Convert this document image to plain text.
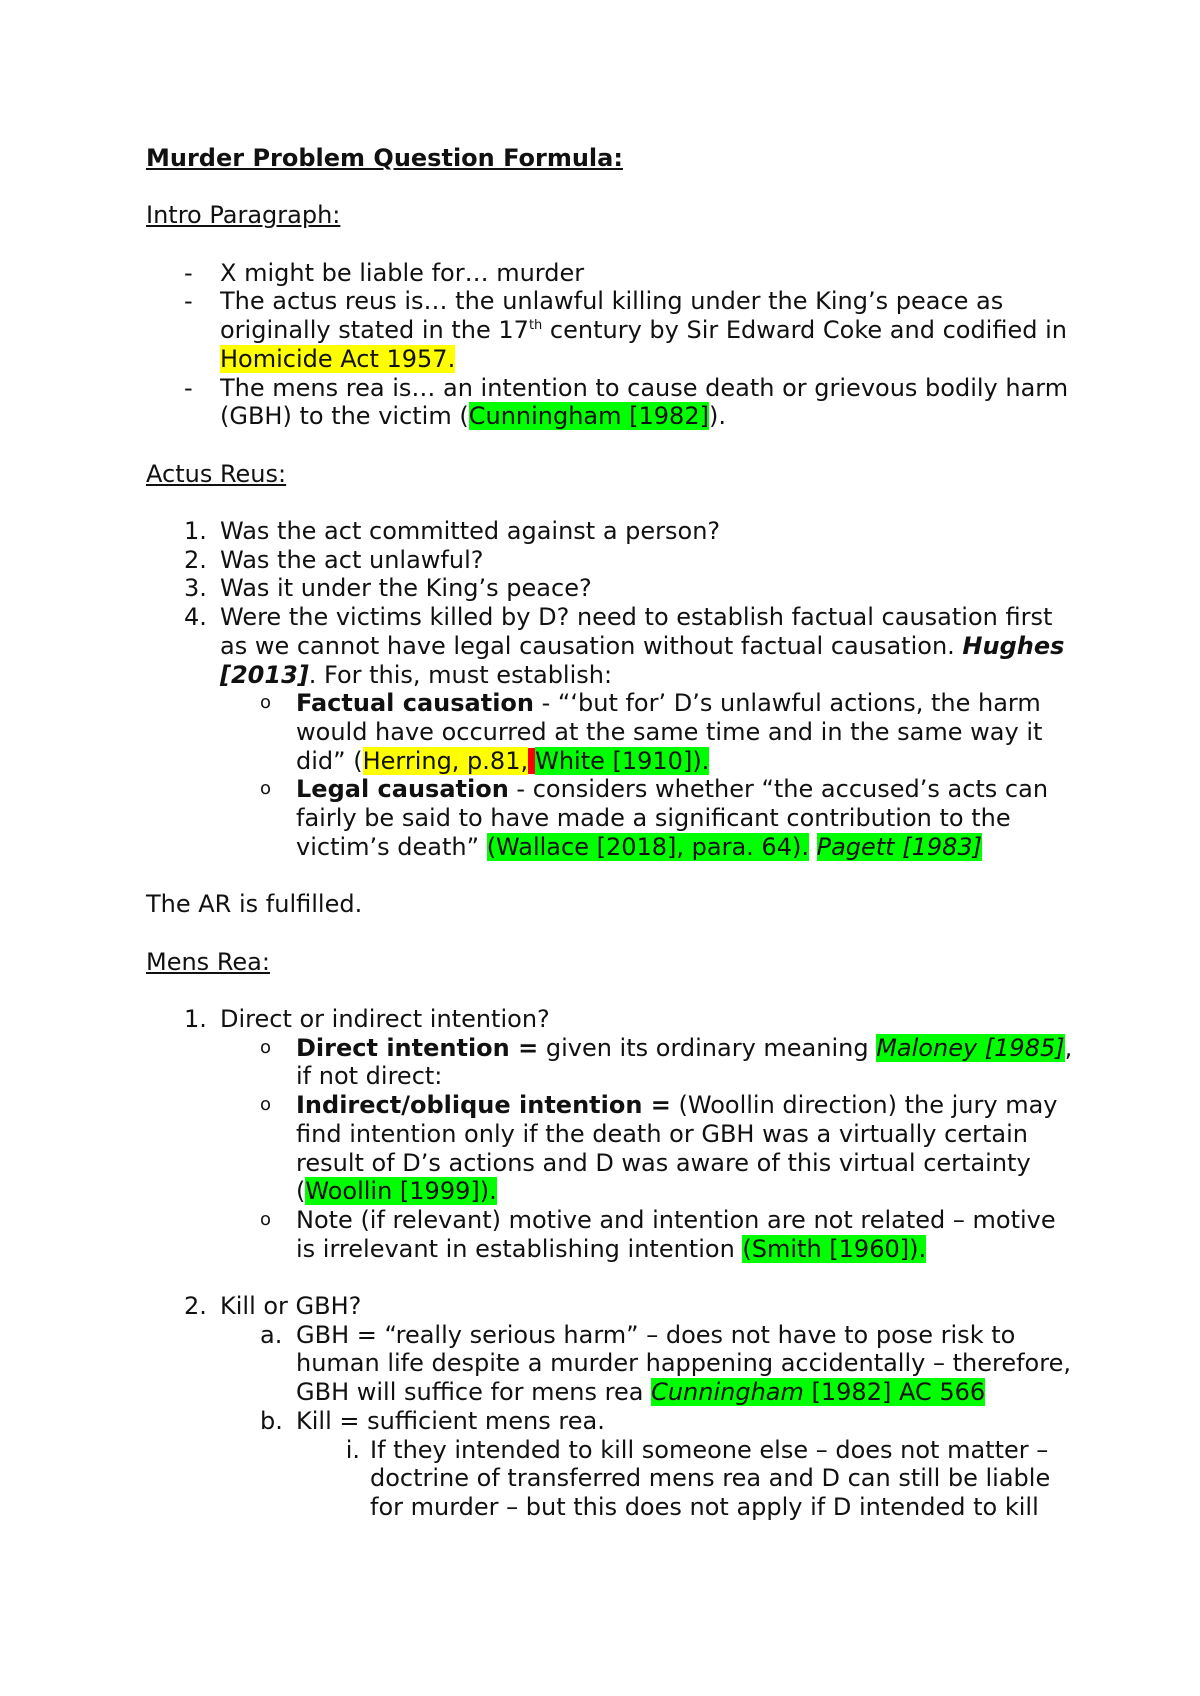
Murder Problem Question Formula:

Intro Paragraph:

-	X might be liable for… murder
-	The actus reus is… the unlawful killing under the King’s peace as originally stated in the 17th century by Sir Edward Coke and codified in Homicide Act 1957.
-	The mens rea is… an intention to cause death or grievous bodily harm (GBH) to the victim (Cunningham [1982]).

Actus Reus:

1. Was the act committed against a person?
2. Was the act unlawful?
3. Was it under the King’s peace?
4. Were the victims killed by D? need to establish factual causation first as we cannot have legal causation without factual causation. Hughes [2013]. For this, must establish:
o	Factual causation - “‘but for’ D’s unlawful actions, the harm would have occurred at the same time and in the same way it did” (Herring, p.81, White [1910]).
o	Legal causation - considers whether “the accused’s acts can fairly be said to have made a significant contribution to the victim’s death” (Wallace [2018], para. 64). Pagett [1983]

The AR is fulfilled.

Mens Rea:

1. Direct or indirect intention?
o	Direct intention = given its ordinary meaning Maloney [1985], if not direct:
o	Indirect/oblique intention = (Woollin direction) the jury may find intention only if the death or GBH was a virtually certain result of D’s actions and D was aware of this virtual certainty (Woollin [1999]).
o	Note (if relevant) motive and intention are not related – motive is irrelevant in establishing intention (Smith [1960]).
2. Kill or GBH?
a. GBH = “really serious harm” – does not have to pose risk to human life despite a murder happening accidentally – therefore, GBH will suffice for mens rea Cunningham [1982] AC 566
b. Kill = sufficient mens rea.
i. If they intended to kill someone else – does not matter – doctrine of transferred mens rea and D can still be liable for murder – but this does not apply if D intended to kill
